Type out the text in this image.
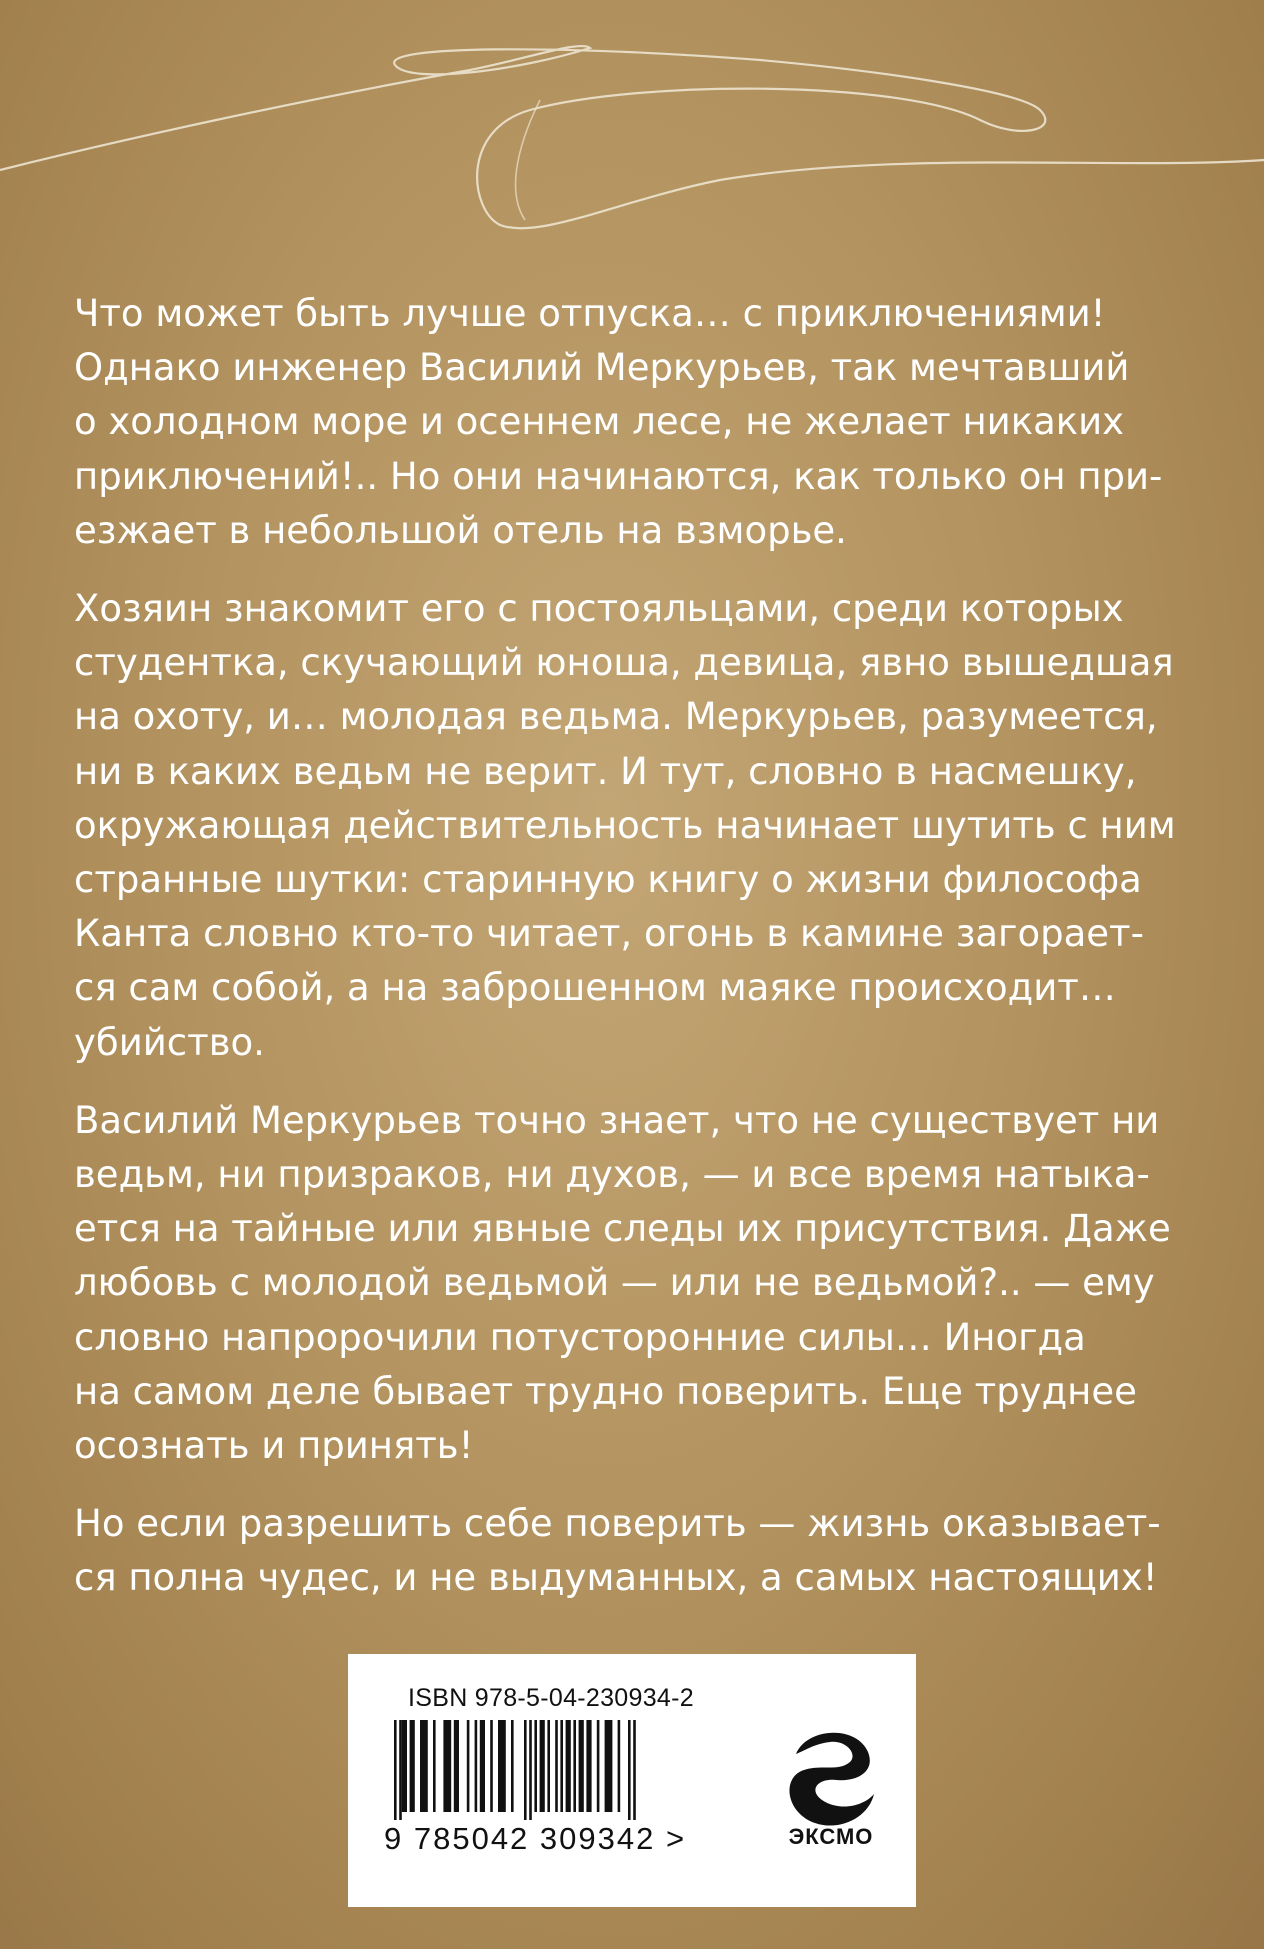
Что может быть лучше отпуска… с приключениями!
Однако инженер Василий Меркурьев, так мечтавший
о холодном море и осеннем лесе, не желает никаких
приключений!.. Но они начинаются, как только он при-
езжает в небольшой отель на взморье.

Хозяин знакомит его с постояльцами, среди которых
студентка, скучающий юноша, девица, явно вышедшая
на охоту, и… молодая ведьма. Меркурьев, разумеется,
ни в каких ведьм не верит. И тут, словно в насмешку,
окружающая действительность начинает шутить с ним
странные шутки: старинную книгу о жизни философа
Канта словно кто-то читает, огонь в камине загорает-
ся сам собой, а на заброшенном маяке происходит…
убийство.

Василий Меркурьев точно знает, что не существует ни
ведьм, ни призраков, ни духов, — и все время натыка-
ется на тайные или явные следы их присутствия. Даже
любовь с молодой ведьмой — или не ведьмой?.. — ему
словно напророчили потусторонние силы… Иногда
на самом деле бывает трудно поверить. Еще труднее
осознать и принять!

Но если разрешить себе поверить — жизнь оказывает-
ся полна чудес, и не выдуманных, а самых настоящих!

ISBN 978-5-04-230934-2
9 785042 309342 >	ЭКСМО
